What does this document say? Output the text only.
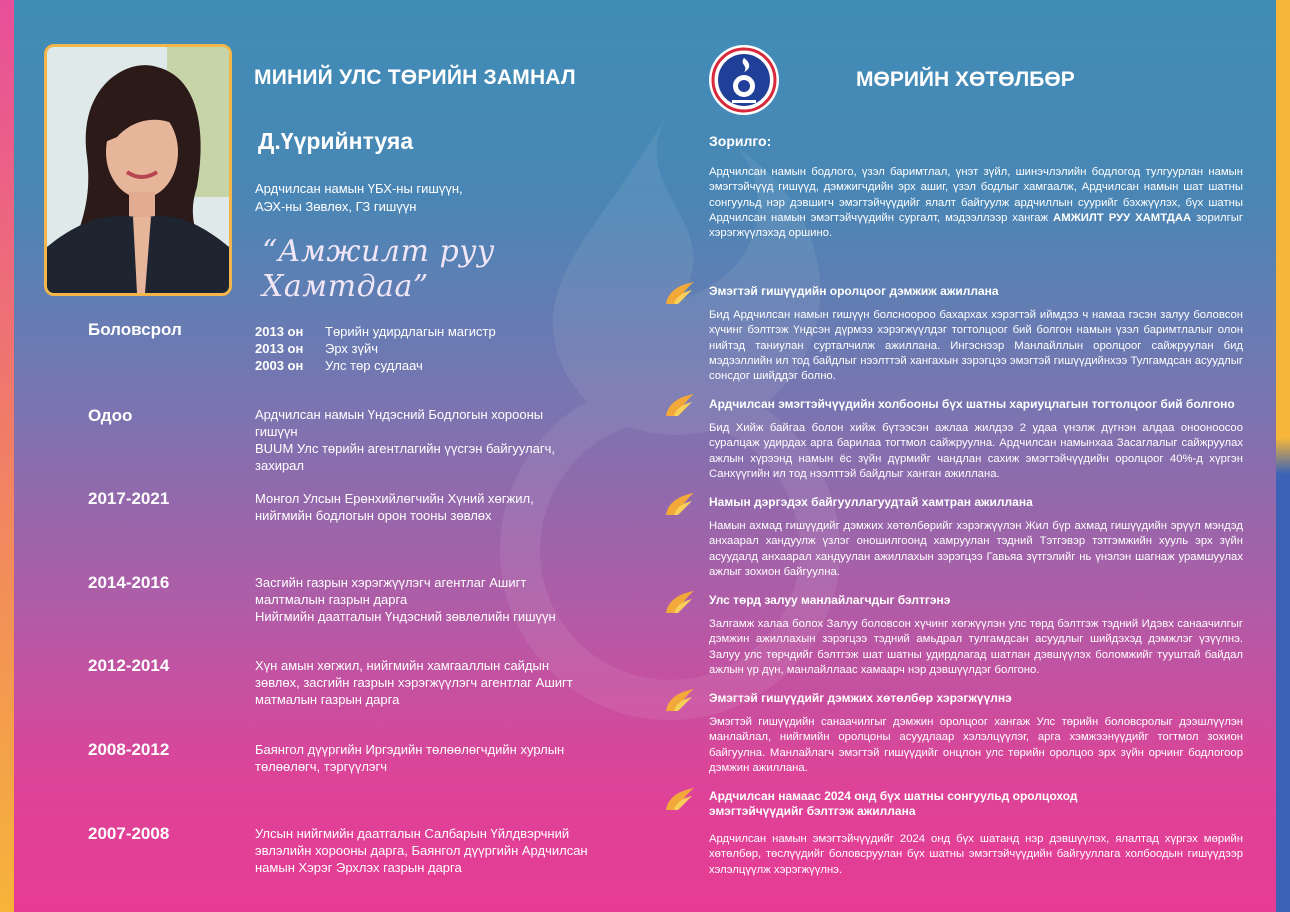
МИНИЙ УЛС ТӨРИЙН ЗАМНАЛ
Д.Үүрийнтуяа
Ардчилсан намын ҮБХ-ны гишүүн,
АЭХ-ны Зөвлөх, ГЗ гишүүн
“Амжилт руу Хамтдаа”
Боловсрол	2013 он	Төрийн удирдлагын магистр
2013 он	Эрх зүйч
2003 он	Улс төр судлаач
Одоо	Ардчилсан намын Үндэсний Бодлогын хорооны
гишүүн
BUUM Улс төрийн агентлагийн үүсгэн байгуулагч,
захирал
2017-2021	Монгол Улсын Ерөнхийлөгчийн Хүний хөгжил,
нийгмийн бодлогын орон тооны зөвлөх
2014-2016	Засгийн газрын хэрэгжүүлэгч агентлаг Ашигт
малтмалын газрын дарга
Нийгмийн даатгалын Үндэсний зөвлөлийн гишүүн
2012-2014	Хүн амын хөгжил, нийгмийн хамгааллын сайдын
зөвлөх, засгийн газрын хэрэгжүүлэгч агентлаг Ашигт
матмалын газрын дарга
2008-2012	Баянгол дүүргийн Иргэдийн төлөөлөгчдийн хурлын
төлөөлөгч, тэргүүлэгч
2007-2008	Улсын нийгмийн даатгалын Салбарын Үйлдвэрчний
эвлэлийн хорооны дарга, Баянгол дүүргийн Ардчилсан
намын Хэрэг Эрхлэх газрын дарга
МӨРИЙН ХӨТӨЛБӨР
Зорилго:
Ардчилсан намын бодлого, үзэл баримтлал, үнэт зүйл, шинэчлэлийн бодлогод тулгуурлан намын эмэгтэйчүүд гишүүд, дэмжигчдийн эрх ашиг, үзэл бодлыг хамгаалж, Ардчилсан намын шат шатны сонгуульд нэр дэвшигч эмэгтэйчүүдийг ялалт байгуулж ардчиллын суурийг бэхжүүлэх, бүх шатны Ардчилсан намын эмэгтэйчүүдийн сургалт, мэдээллээр хангаж АМЖИЛТ РУУ ХАМТДАА зорилгыг хэрэгжүүлэхэд оршино.
Эмэгтэй гишүүдийн оролцоог дэмжиж ажиллана
Бид Ардчилсан намын гишүүн болсноороо бахархах хэрэгтэй иймдээ ч намаа гэсэн залуу боловсон хүчинг бэлтгэж Үндсэн дүрмээ хэрэгжүүлдэг тогтолцоог бий болгон намын үзэл баримтлалыг олон нийтэд таниулан сурталчилж ажиллана. Ингэснээр Манлайллын оролцоог сайжруулан бид мэдээллийн ил тод байдлыг нээлттэй хангахын зэрэгцээ эмэгтэй гишүүдийнхээ Тулгамдсан асуудлыг сонсдог шийддэг болно.
Ардчилсан эмэгтэйчүүдийн холбооны бүх шатны хариуцлагын тогтолцоог бий болгоно
Бид Хийж байгаа болон хийж бүтээсэн ажлаа жилдээ 2 удаа үнэлж дүгнэн алдаа оноонооcоо суралцаж удирдах арга барилаа тогтмол сайжруулна. Ардчилсан намынхаа Засаглалыг сайжруулах ажлын хүрээнд намын ёс зүйн дүрмийг чандлан сахиж эмэгтэйчүүдийн оролцоог 40%-д хүргэн Санхүүгийн ил тод нээлттэй байдлыг ханган ажиллана.
Намын дэргэдэх байгууллагуудтай хамтран ажиллана
Намын ахмад гишүүдийг дэмжих хөтөлбөрийг хэрэгжүүлэн Жил бүр ахмад гишүүдийн эрүүл мэндэд анхаарал хандуулж үзлэг оношилгоонд хамруулан тэдний Тэтгэвэр тэтгэмжийн хууль эрх зүйн асуудалд анхаарал хандуулан ажиллахын зэрэгцээ Гавьяа зүтгэлийг нь үнэлэн шагнаж урамшуулах ажлыг зохион байгуулна.
Улс төрд залуу манлайлагчдыг бэлтгэнэ
Залгамж халаа болох Залуу боловсон хүчинг хөгжүүлэн улс төрд бэлтгэж тэдний Идэвх санаачилгыг дэмжин ажиллахын зэрэгцээ тэдний амьдрал тулгамдсан асуудлыг шийдэхэд дэмжлэг үзүүлнэ. Залуу улс төрчдийг бэлтгэж шат шатны удирдлагад шатлан дэвшүүлэх боломжийг тууштай байдал ажлын үр дүн, манлайллаас хамаарч нэр дэвшүүлдэг болгоно.
Эмэгтэй гишүүдийг дэмжих хөтөлбөр хэрэгжүүлнэ
Эмэгтэй гишүүдийн санаачилгыг дэмжин оролцоог хангаж Улс төрийн боловсролыг дээшлүүлэн манлайлал, нийгмийн оролцоны асуудлаар хэлэлцүүлэг, арга хэмжээнүүдийг тогтмол зохион байгуулна. Манлайлагч эмэгтэй гишүүдийг онцлон улс төрийн оролцоо эрх зүйн орчинг бодлогоор дэмжин ажиллана.
Ардчилсан намаас 2024 онд бүх шатны сонгуульд оролцоход эмэгтэйчүүдийг бэлтгэж ажиллана
Ардчилсан намын эмэгтэйчүүдийг 2024 онд бүх шатанд нэр дэвшүүлэх, ялалтад хүргэх мөрийн хөтөлбөр, төслүүдийг боловсруулан бүх шатны эмэгтэйчүүдийн байгууллага холбоодын гишүүдээр хэлэлцүүлж хэрэгжүүлнэ.
